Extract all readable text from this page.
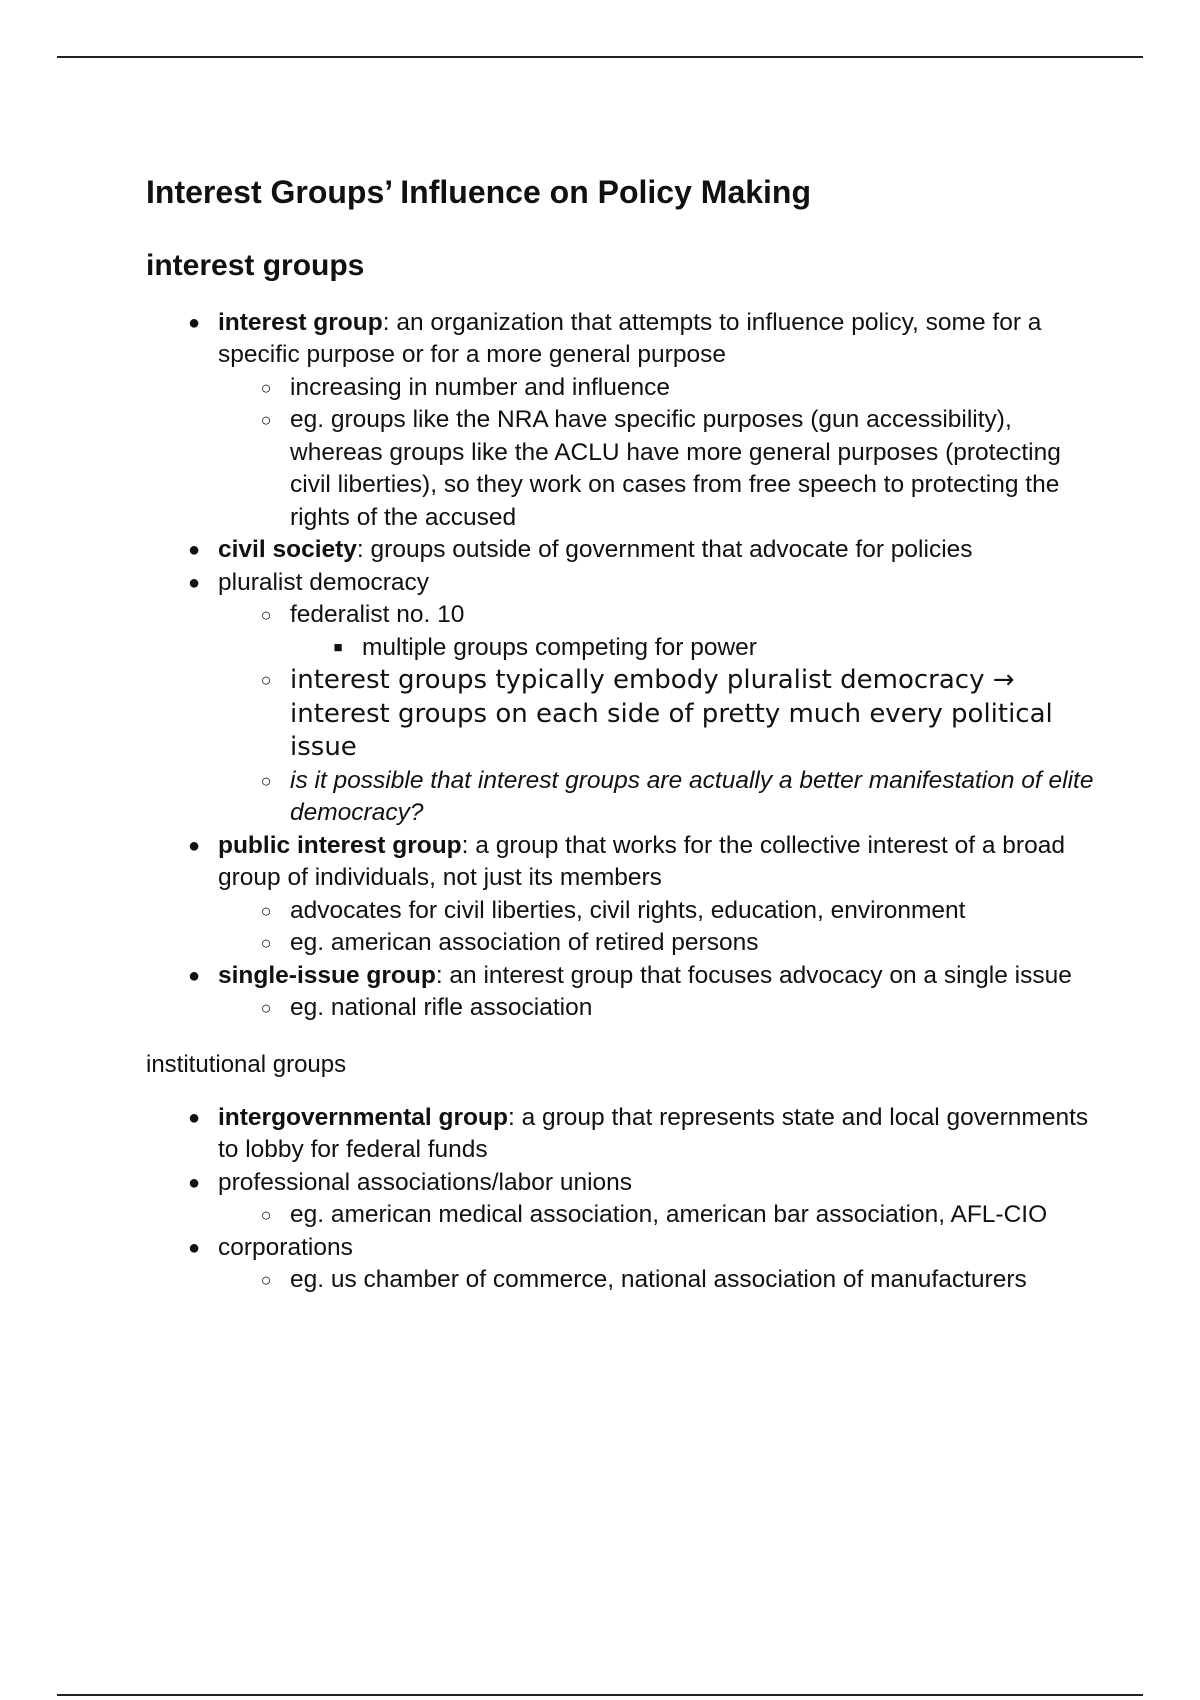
Interest Groups’ Influence on Policy Making
interest groups
● interest group: an organization that attempts to influence policy, some for a specific purpose or for a more general purpose
○ increasing in number and influence
○ eg. groups like the NRA have specific purposes (gun accessibility), whereas groups like the ACLU have more general purposes (protecting civil liberties), so they work on cases from free speech to protecting the rights of the accused
● civil society: groups outside of government that advocate for policies
● pluralist democracy
○ federalist no. 10
■ multiple groups competing for power
○ interest groups typically embody pluralist democracy → interest groups on each side of pretty much every political issue
○ is it possible that interest groups are actually a better manifestation of elite democracy?
● public interest group: a group that works for the collective interest of a broad group of individuals, not just its members
○ advocates for civil liberties, civil rights, education, environment
○ eg. american association of retired persons
● single-issue group: an interest group that focuses advocacy on a single issue
○ eg. national rifle association

institutional groups

● intergovernmental group: a group that represents state and local governments to lobby for federal funds
● professional associations/labor unions
○ eg. american medical association, american bar association, AFL-CIO
● corporations
○ eg. us chamber of commerce, national association of manufacturers
